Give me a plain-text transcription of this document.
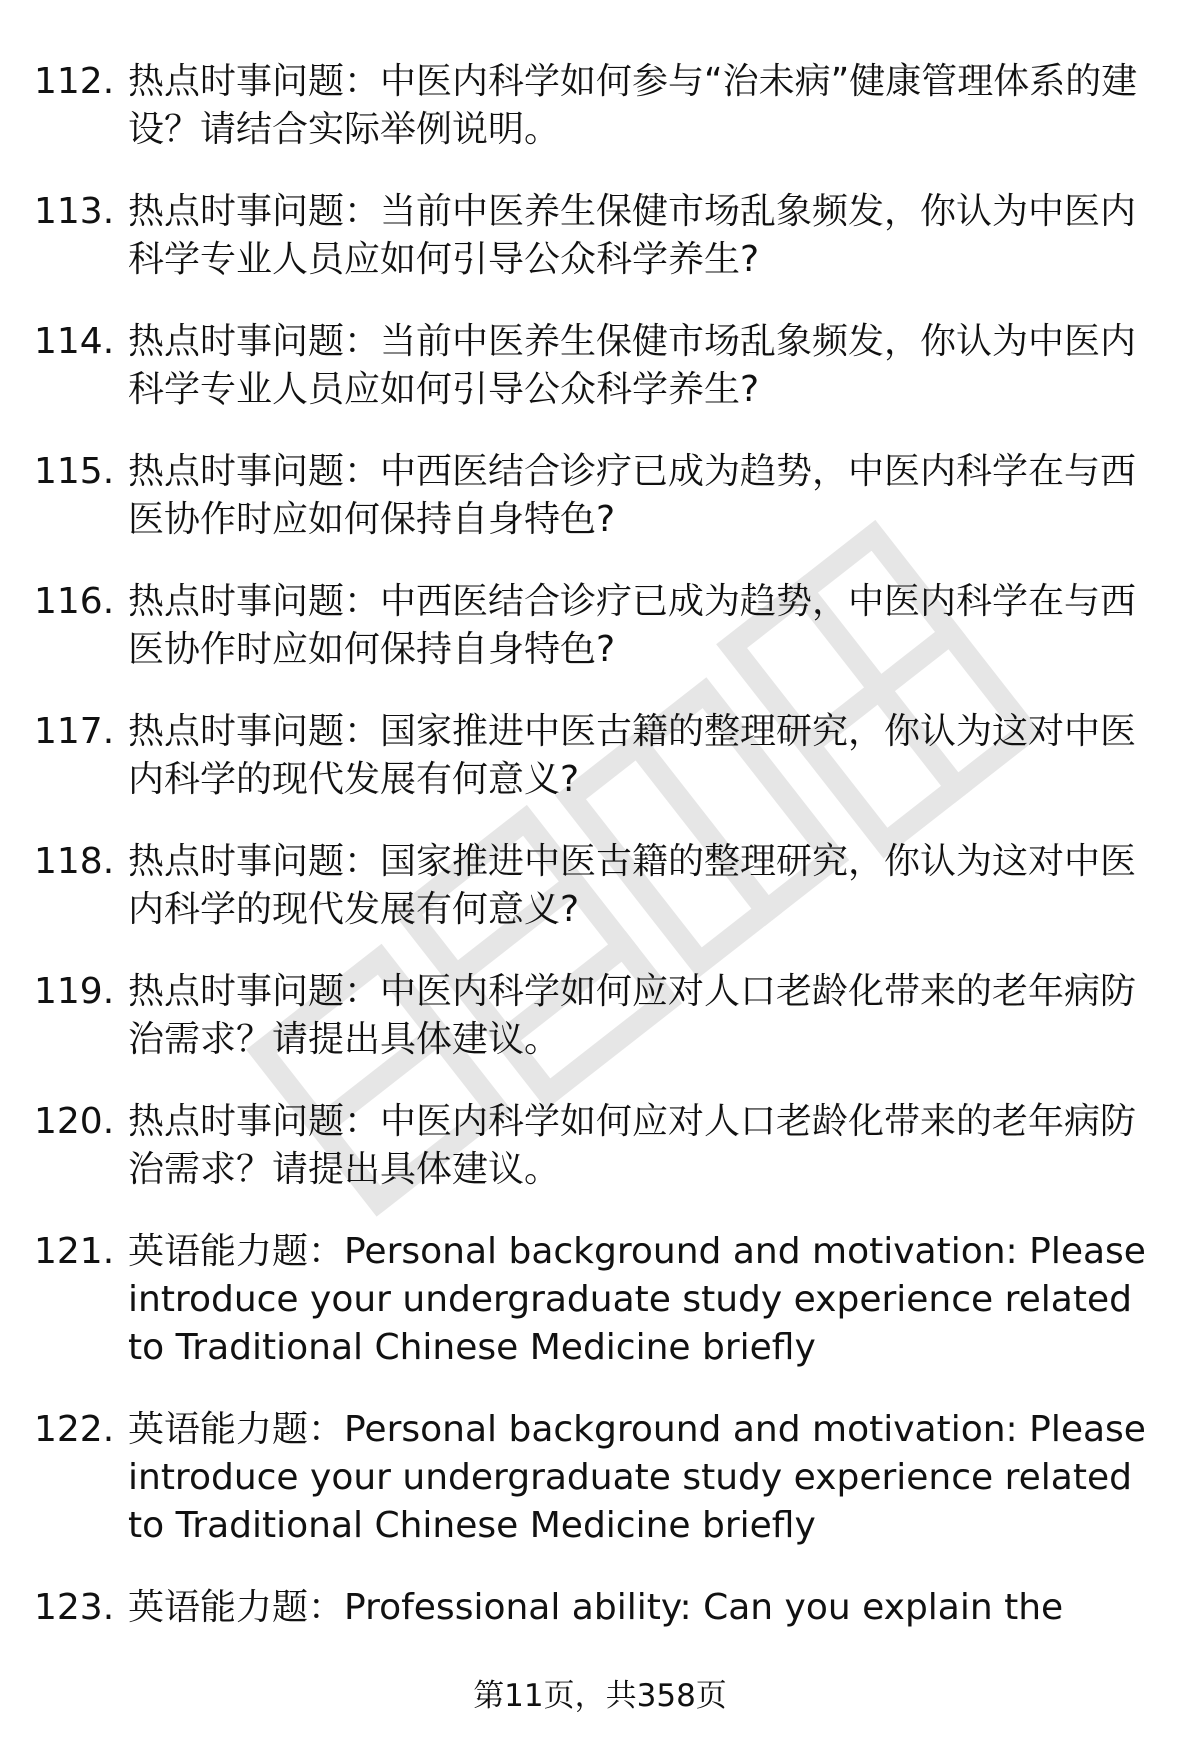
112. 热点时事问题：中医内科学如何参与“治未病”健康管理体系的建设？请结合实际举例说明。
113. 热点时事问题：当前中医养生保健市场乱象频发，你认为中医内科学专业人员应如何引导公众科学养生?
114. 热点时事问题：当前中医养生保健市场乱象频发，你认为中医内科学专业人员应如何引导公众科学养生?
115. 热点时事问题：中西医结合诊疗已成为趋势，中医内科学在与西医协作时应如何保持自身特色?
116. 热点时事问题：中西医结合诊疗已成为趋势，中医内科学在与西医协作时应如何保持自身特色?
117. 热点时事问题：国家推进中医古籍的整理研究，你认为这对中医内科学的现代发展有何意义?
118. 热点时事问题：国家推进中医古籍的整理研究，你认为这对中医内科学的现代发展有何意义?
119. 热点时事问题：中医内科学如何应对人口老龄化带来的老年病防治需求？请提出具体建议。
120. 热点时事问题：中医内科学如何应对人口老龄化带来的老年病防治需求？请提出具体建议。
121. 英语能力题：Personal background and motivation: Please introduce your undergraduate study experience related to Traditional Chinese Medicine briefly
122. 英语能力题：Personal background and motivation: Please introduce your undergraduate study experience related to Traditional Chinese Medicine briefly
123. 英语能力题：Professional ability: Can you explain the
第11页，共358页
